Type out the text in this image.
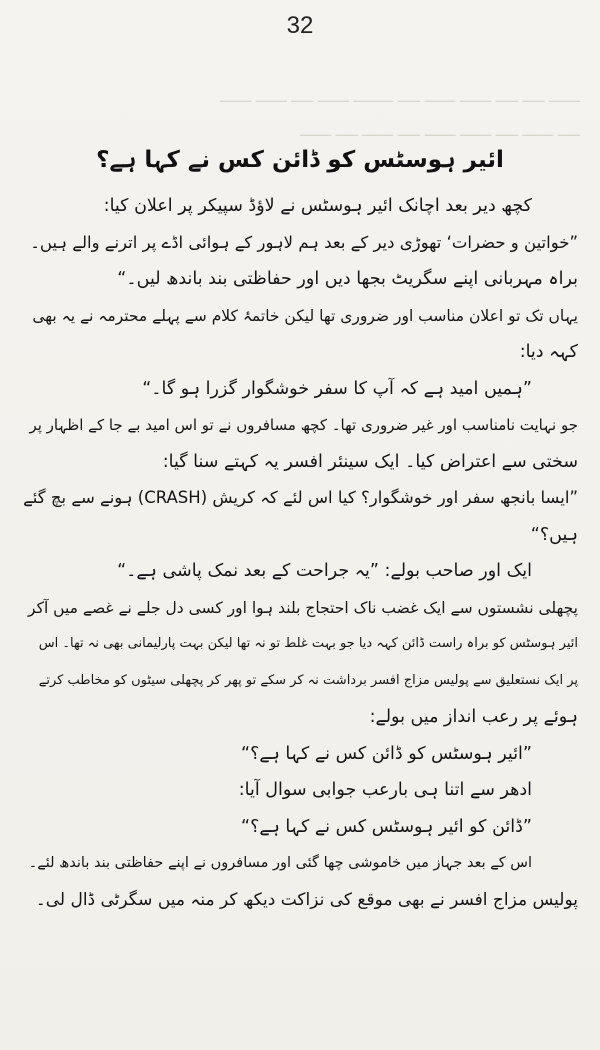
32
ـــــــ ـــــ ـــــ ـــــــ ـــــــ ـــــ ـــــــــ ـــــــ ـــــ ـــــــ ـــــــ
ـــــ ـــــــ ـــــ ـــــــ ـــــــ ـــــ ـــــــ ـــــ ـــــــ
ائیر ہوسٹس کو ڈائن کس نے کہا ہے؟
کچھ دیر بعد اچانک ائیر ہوسٹس نے لاؤڈ سپیکر پر اعلان کیا:
”خواتین و حضرات‘ تھوڑی دیر کے بعد ہم لاہور کے ہوائی اڈے پر اترنے والے ہیں۔
براہ مہربانی اپنے سگریٹ بجھا دیں اور حفاظتی بند باندھ لیں۔“
یہاں تک تو اعلان مناسب اور ضروری تھا لیکن خاتمۂ کلام سے پہلے محترمہ نے یہ بھی
کہہ دیا:
”ہمیں امید ہے کہ آپ کا سفر خوشگوار گزرا ہو گا۔“
جو نہایت نامناسب اور غیر ضروری تھا۔ کچھ مسافروں نے تو اس امید بے جا کے اظہار پر
سختی سے اعتراض کیا۔ ایک سینئر افسر یہ کہتے سنا گیا:
”ایسا بانجھ سفر اور خوشگوار؟ کیا اس لئے کہ کریش (CRASH) ہونے سے بچ گئے
ہیں؟“
ایک اور صاحب بولے: ”یہ جراحت کے بعد نمک پاشی ہے۔“
پچھلی نشستوں سے ایک غضب ناک احتجاج بلند ہوا اور کسی دل جلے نے غصے میں آکر
ائیر ہوسٹس کو براہ راست ڈائن کہہ دیا جو بہت غلط تو نہ تھا لیکن بہت پارلیمانی بھی نہ تھا۔ اس
پر ایک نستعلیق سے پولیس مزاج افسر برداشت نہ کر سکے تو پھر کر پچھلی سیٹوں کو مخاطب کرتے
ہوئے پر رعب انداز میں بولے:
”ائیر ہوسٹس کو ڈائن کس نے کہا ہے؟“
ادھر سے اتنا ہی بارعب جوابی سوال آیا:
”ڈائن کو ائیر ہوسٹس کس نے کہا ہے؟“
اس کے بعد جہاز میں خاموشی چھا گئی اور مسافروں نے اپنے حفاظتی بند باندھ لئے۔
پولیس مزاج افسر نے بھی موقع کی نزاکت دیکھ کر منہ میں سگرٹی ڈال لی۔
